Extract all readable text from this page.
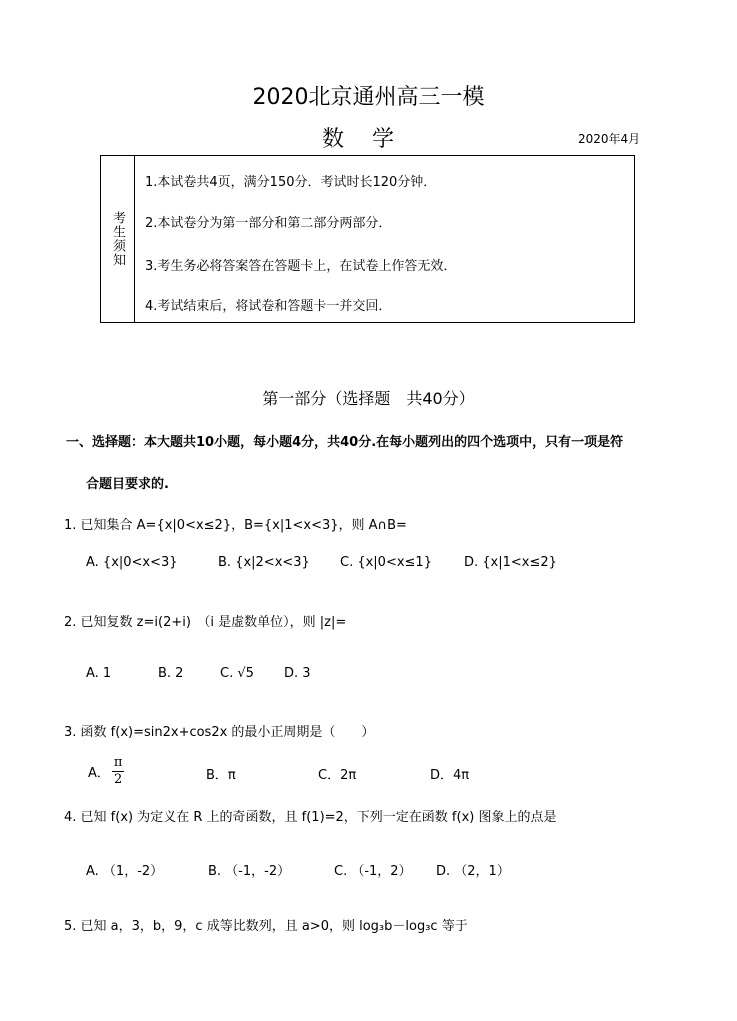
2020北京通州高三一模
数学	2020年4月
考生须知
1.本试卷共4页，满分150分．考试时长120分钟．
2.本试卷分为第一部分和第二部分两部分．
3.考生务必将答案答在答题卡上，在试卷上作答无效．
4.考试结束后，将试卷和答题卡一并交回．
第一部分（选择题　共40分）
一、选择题：本大题共10小题，每小题4分，共40分.在每小题列出的四个选项中，只有一项是符
合题目要求的.
1. 已知集合 A={x|0<x≤2}，B={x|1<x<3}，则 A∩B=
A. {x|0<x<3}	B. {x|2<x<3} C. {x|0<x≤1} D. {x|1<x≤2}
2. 已知复数 z=i(2+i)　（i 是虚数单位），则 |z|=
A. 1	B. 2	C. √5 D. 3
3. 函数 f(x)=sin2x+cos2x 的最小正周期是（　　）
A． $\frac{\pi}{2}$	B．π	C．2π	D．4π
4. 已知 f(x) 为定义在 R 上的奇函数，且 f(1)=2，下列一定在函数 f(x) 图象上的点是
A. （1，-2）	B. （-1，-2）	C. （-1，2） D. （2，1）
5. 已知 a，3，b，9，c 成等比数列，且 a>0，则 log₃b－log₃c 等于
